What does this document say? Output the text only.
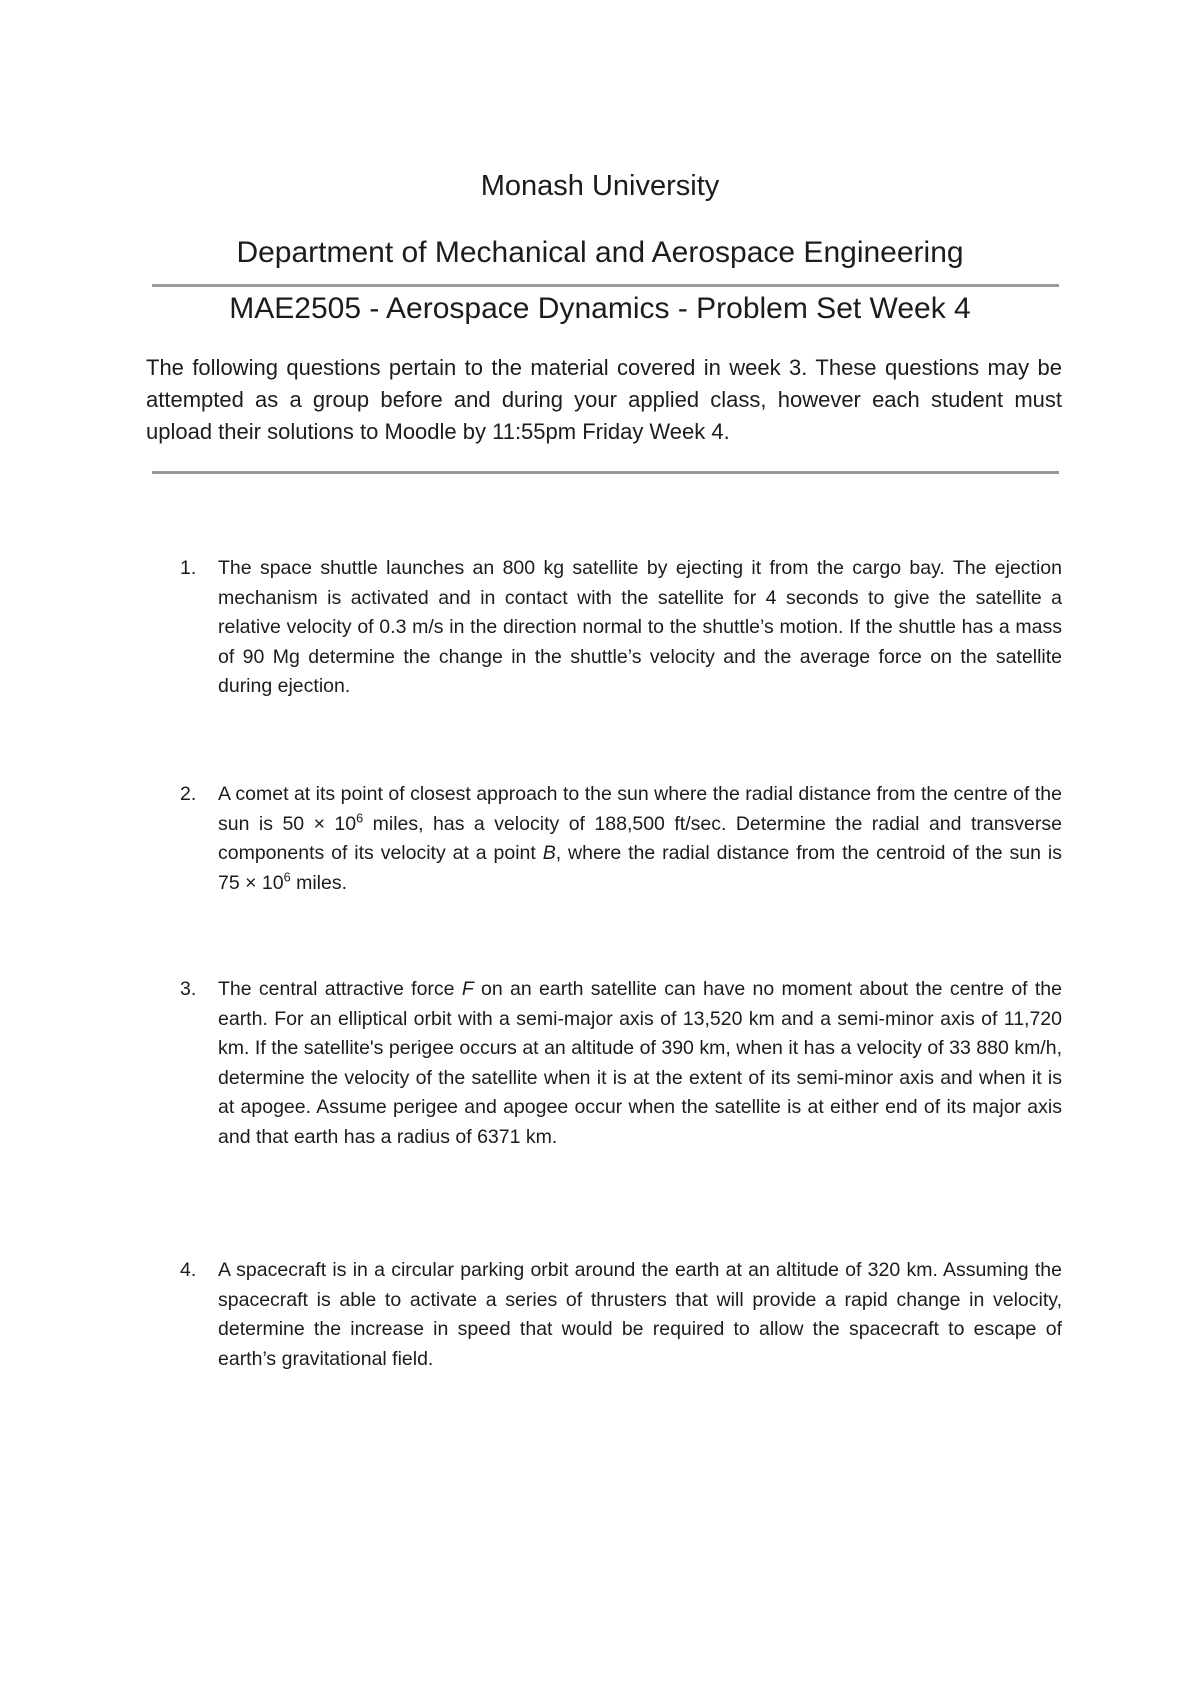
Monash University
Department of Mechanical and Aerospace Engineering
MAE2505 - Aerospace Dynamics - Problem Set Week 4

The following questions pertain to the material covered in week 3. These questions may be attempted as a group before and during your applied class, however each student must upload their solutions to Moodle by 11:55pm Friday Week 4.

1.	The space shuttle launches an 800 kg satellite by ejecting it from the cargo bay. The ejection mechanism is activated and in contact with the satellite for 4 seconds to give the satellite a relative velocity of 0.3 m/s in the direction normal to the shuttle’s motion. If the shuttle has a mass of 90 Mg determine the change in the shuttle’s velocity and the average force on the satellite during ejection.
2.	A comet at its point of closest approach to the sun where the radial distance from the centre of the sun is $50 \times 10^6$ miles, has a velocity of 188,500 ft/sec. Determine the radial and transverse components of its velocity at a point B, where the radial distance from the centroid of the sun is $75 \times 10^6$ miles.
3.	The central attractive force F on an earth satellite can have no moment about the centre of the earth. For an elliptical orbit with a semi-major axis of 13,520 km and a semi-minor axis of 11,720 km. If the satellite's perigee occurs at an altitude of 390 km, when it has a velocity of 33 880 km/h, determine the velocity of the satellite when it is at the extent of its semi-minor axis and when it is at apogee. Assume perigee and apogee occur when the satellite is at either end of its major axis and that earth has a radius of 6371 km.
4.	A spacecraft is in a circular parking orbit around the earth at an altitude of 320 km. Assuming the spacecraft is able to activate a series of thrusters that will provide a rapid change in velocity, determine the increase in speed that would be required to allow the spacecraft to escape of earth’s gravitational field.
